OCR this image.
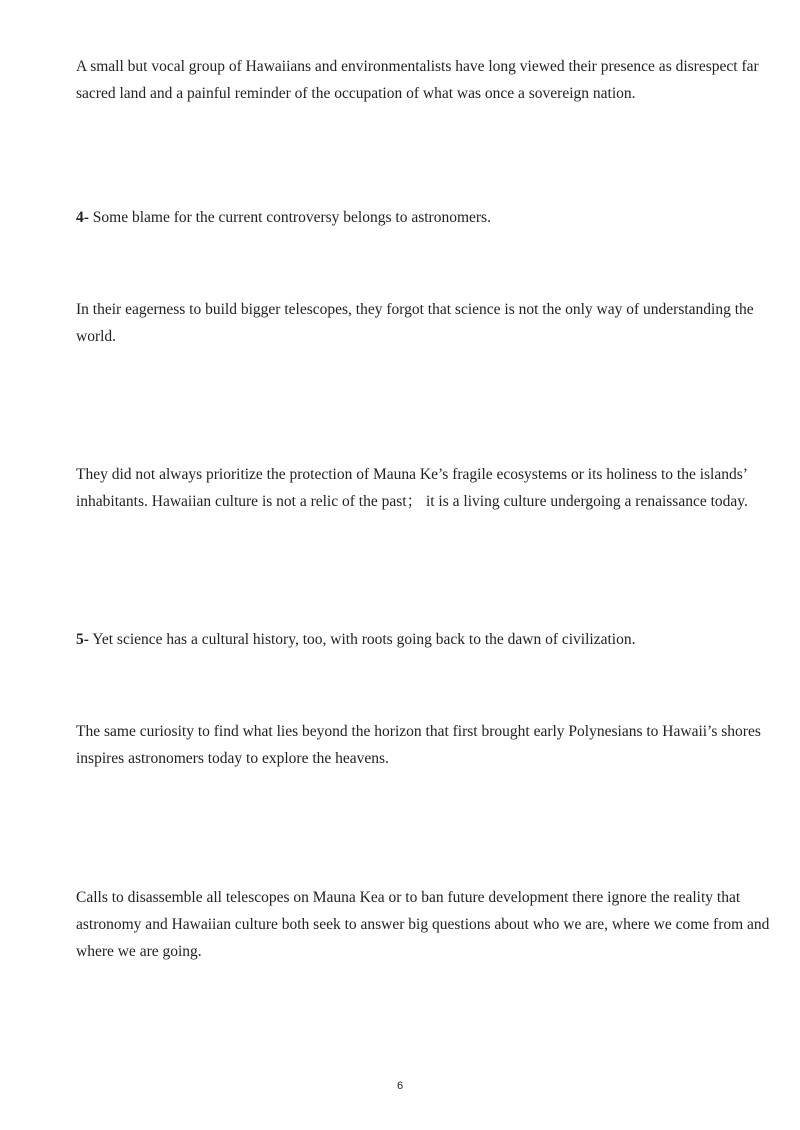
A small but vocal group of Hawaiians and environmentalists have long viewed their presence as disrespect far sacred land and a painful reminder of the occupation of what was once a sovereign nation.

4- Some blame for the current controversy belongs to astronomers.

In their eagerness to build bigger telescopes, they forgot that science is not the only way of understanding the world.

They did not always prioritize the protection of Mauna Ke’s fragile ecosystems or its holiness to the islands’ inhabitants. Hawaiian culture is not a relic of the past； it is a living culture undergoing a renaissance today.

5- Yet science has a cultural history, too, with roots going back to the dawn of civilization.

The same curiosity to find what lies beyond the horizon that first brought early Polynesians to Hawaii’s shores inspires astronomers today to explore the heavens.

Calls to disassemble all telescopes on Mauna Kea or to ban future development there ignore the reality that astronomy and Hawaiian culture both seek to answer big questions about who we are, where we come from and where we are going.

6
